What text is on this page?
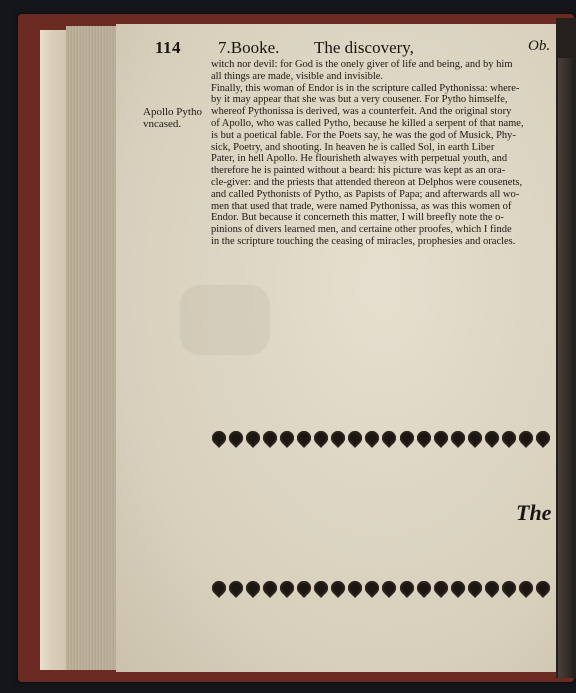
114 7.Booke. The discovery,	Ob.
Apollo Pytho
vncased.
witch nor devil: for God is the onely giver of life and being, and by him
all things are made, visible and invisible.
Finally, this woman of Endor is in the scripture called Pythonissa: where-
by it may appear that she was but a very cousener. For Pytho himselfe,
whereof Pythonissa is derived, was a counterfeit. And the original story
of Apollo, who was called Pytho, because he killed a serpent of that name,
is but a poetical fable. For the Poets say, he was the god of Musick, Phy-
sick, Poetry, and shooting. In heaven he is called Sol, in earth Liber
Pater, in hell Apollo. He flourisheth alwayes with perpetual youth, and
therefore he is painted without a beard: his picture was kept as an ora-
cle-giver: and the priests that attended thereon at Delphos were cousenets,
and called Pythonists of Pytho, as Papists of Papa; and afterwards all wo-
men that used that trade, were named Pythonissa, as was this women of
Endor. But because it concerneth this matter, I will breefly note the o-
pinions of divers learned men, and certaine other proofes, which I finde
in the scripture touching the ceasing of miracles, prophesies and oracles.
The
